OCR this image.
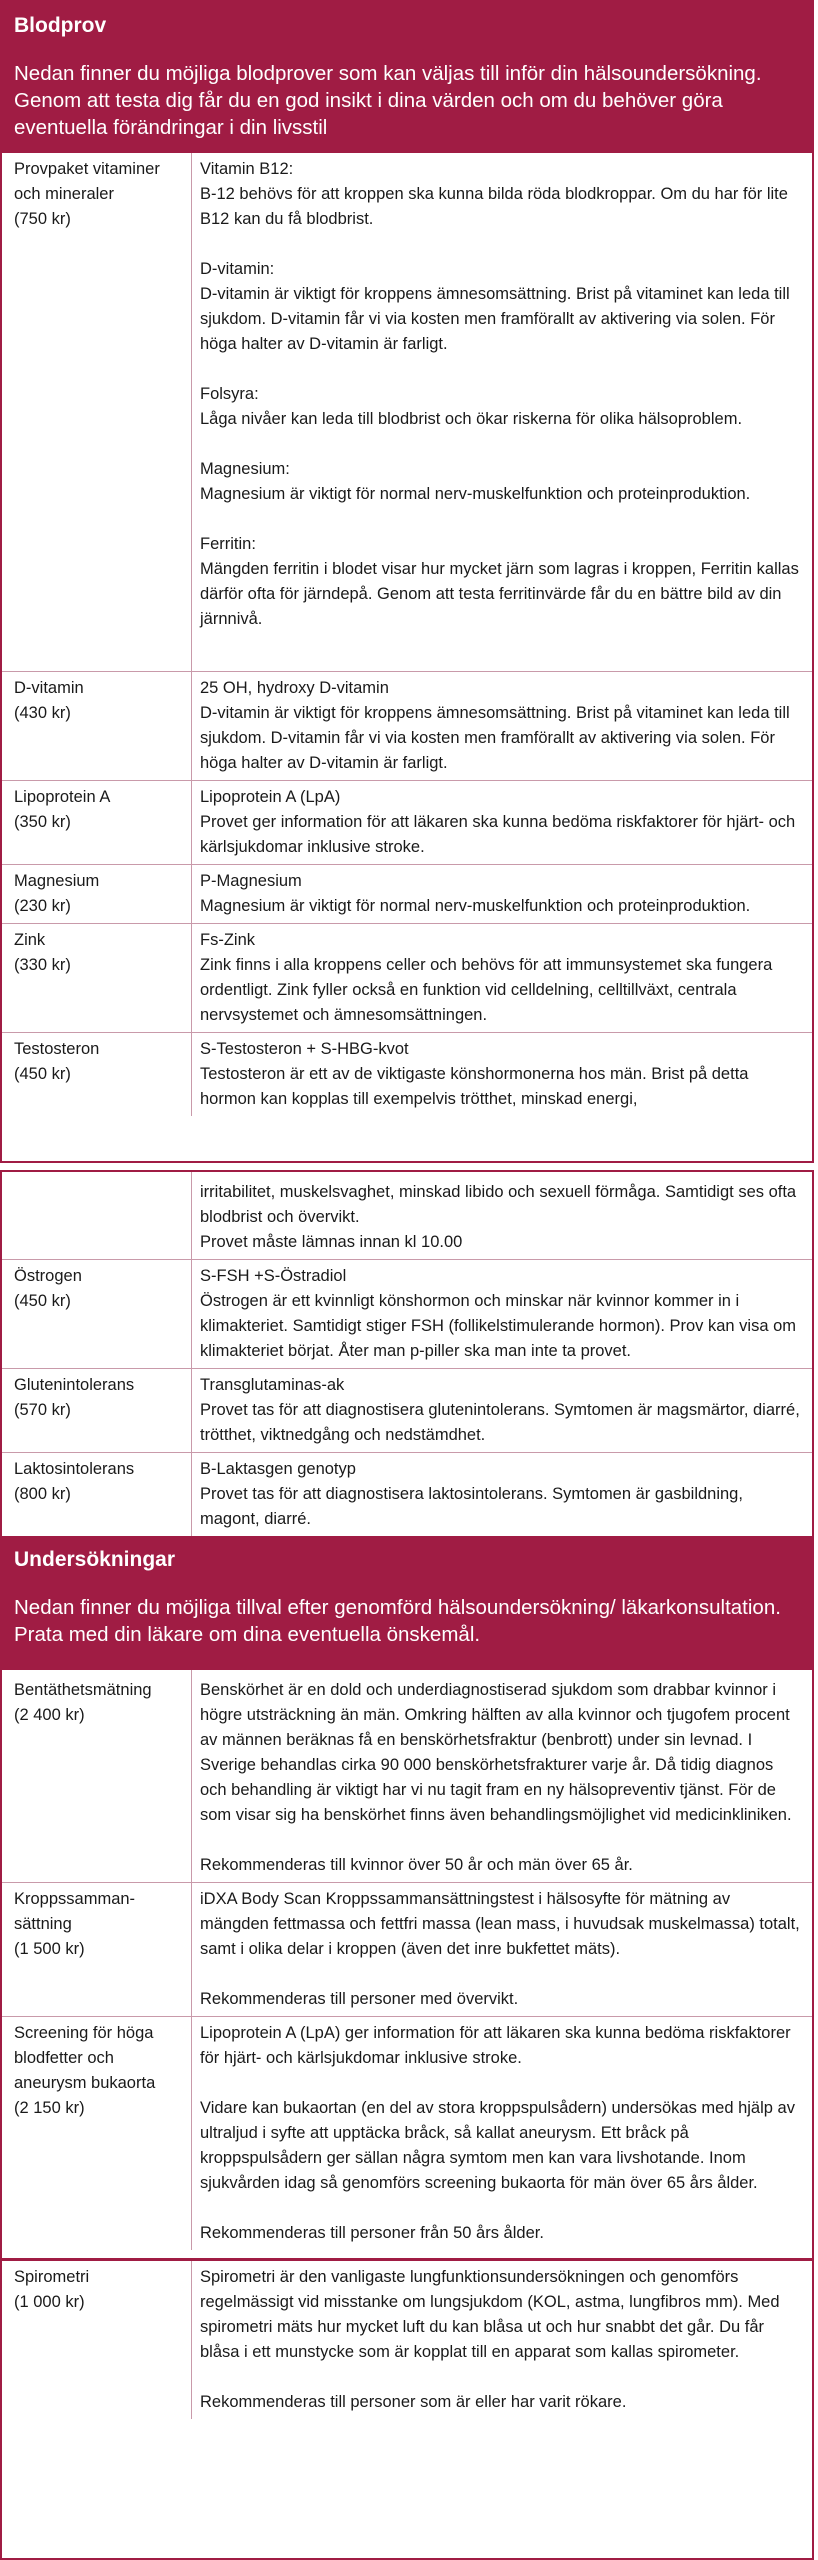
Blodprov
Nedan finner du möjliga blodprover som kan väljas till inför din hälsoundersökning. Genom att testa dig får du en god insikt i dina värden och om du behöver göra eventuella förändringar i din livsstil
Provpaket vitaminer och mineraler
(750 kr)
Vitamin B12:
B-12 behövs för att kroppen ska kunna bilda röda blodkroppar. Om du har för lite B12 kan du få blodbrist.
D-vitamin:
D-vitamin är viktigt för kroppens ämnesomsättning. Brist på vitaminet kan leda till sjukdom. D-vitamin får vi via kosten men framförallt av aktivering via solen. För höga halter av D-vitamin är farligt.
Folsyra:
Låga nivåer kan leda till blodbrist och ökar riskerna för olika hälsoproblem.
Magnesium:
Magnesium är viktigt för normal nerv-muskelfunktion och proteinproduktion.
Ferritin:
Mängden ferritin i blodet visar hur mycket järn som lagras i kroppen, Ferritin kallas därför ofta för järndepå. Genom att testa ferritinvärde får du en bättre bild av din järnnivå.
D-vitamin
(430 kr)
25 OH, hydroxy D-vitamin
D-vitamin är viktigt för kroppens ämnesomsättning. Brist på vitaminet kan leda till sjukdom. D-vitamin får vi via kosten men framförallt av aktivering via solen. För höga halter av D-vitamin är farligt.
Lipoprotein A
(350 kr)
Lipoprotein A (LpA)
Provet ger information för att läkaren ska kunna bedöma riskfaktorer för hjärt- och kärlsjukdomar inklusive stroke.
Magnesium
(230 kr)
P-Magnesium
Magnesium är viktigt för normal nerv-muskelfunktion och proteinproduktion.
Zink
(330 kr)
Fs-Zink
Zink finns i alla kroppens celler och behövs för att immunsystemet ska fungera ordentligt. Zink fyller också en funktion vid celldelning, celltillväxt, centrala nervsystemet och ämnesomsättningen.
Testosteron
(450 kr)
S-Testosteron + S-HBG-kvot
Testosteron är ett av de viktigaste könshormonerna hos män. Brist på detta hormon kan kopplas till exempelvis trötthet, minskad energi,
irritabilitet, muskelsvaghet, minskad libido och sexuell förmåga. Samtidigt ses ofta blodbrist och övervikt.
Provet måste lämnas innan kl 10.00
Östrogen
(450 kr)
S-FSH +S-Östradiol
Östrogen är ett kvinnligt könshormon och minskar när kvinnor kommer in i klimakteriet. Samtidigt stiger FSH (follikelstimulerande hormon). Prov kan visa om klimakteriet börjat. Åter man p-piller ska man inte ta provet.
Glutenintolerans
(570 kr)
Transglutaminas-ak
Provet tas för att diagnostisera glutenintolerans. Symtomen är magsmärtor, diarré, trötthet, viktnedgång och nedstämdhet.
Laktosintolerans
(800 kr)
B-Laktasgen genotyp
Provet tas för att diagnostisera laktosintolerans. Symtomen är gasbildning, magont, diarré.
Undersökningar
Nedan finner du möjliga tillval efter genomförd hälsoundersökning/ läkarkonsultation. Prata med din läkare om dina eventuella önskemål.
Bentäthetsmätning
(2 400 kr)
Benskörhet är en dold och underdiagnostiserad sjukdom som drabbar kvinnor i högre utsträckning än män. Omkring hälften av alla kvinnor och tjugofem procent av männen beräknas få en benskörhetsfraktur (benbrott) under sin levnad. I Sverige behandlas cirka 90 000 benskörhetsfrakturer varje år. Då tidig diagnos och behandling är viktigt har vi nu tagit fram en ny hälsopreventiv tjänst. För de som visar sig ha benskörhet finns även behandlingsmöjlighet vid medicinkliniken.
Rekommenderas till kvinnor över 50 år och män över 65 år.
Kroppssamman-sättning
(1 500 kr)
iDXA Body Scan Kroppssammansättningstest i hälsosyfte för mätning av mängden fettmassa och fettfri massa (lean mass, i huvudsak muskelmassa) totalt, samt i olika delar i kroppen (även det inre bukfettet mäts).
Rekommenderas till personer med övervikt.
Screening för höga blodfetter och aneurysm bukaorta
(2 150 kr)
Lipoprotein A (LpA) ger information för att läkaren ska kunna bedöma riskfaktorer för hjärt- och kärlsjukdomar inklusive stroke.
Vidare kan bukaortan (en del av stora kroppspulsådern) undersökas med hjälp av ultraljud i syfte att upptäcka bråck, så kallat aneurysm. Ett bråck på kroppspulsådern ger sällan några symtom men kan vara livshotande. Inom sjukvården idag så genomförs screening bukaorta för män över 65 års ålder.
Rekommenderas till personer från 50 års ålder.
Spirometri
(1 000 kr)
Spirometri är den vanligaste lungfunktionsundersökningen och genomförs regelmässigt vid misstanke om lungsjukdom (KOL, astma, lungfibros mm). Med spirometri mäts hur mycket luft du kan blåsa ut och hur snabbt det går. Du får blåsa i ett munstycke som är kopplat till en apparat som kallas spirometer.
Rekommenderas till personer som är eller har varit rökare.
